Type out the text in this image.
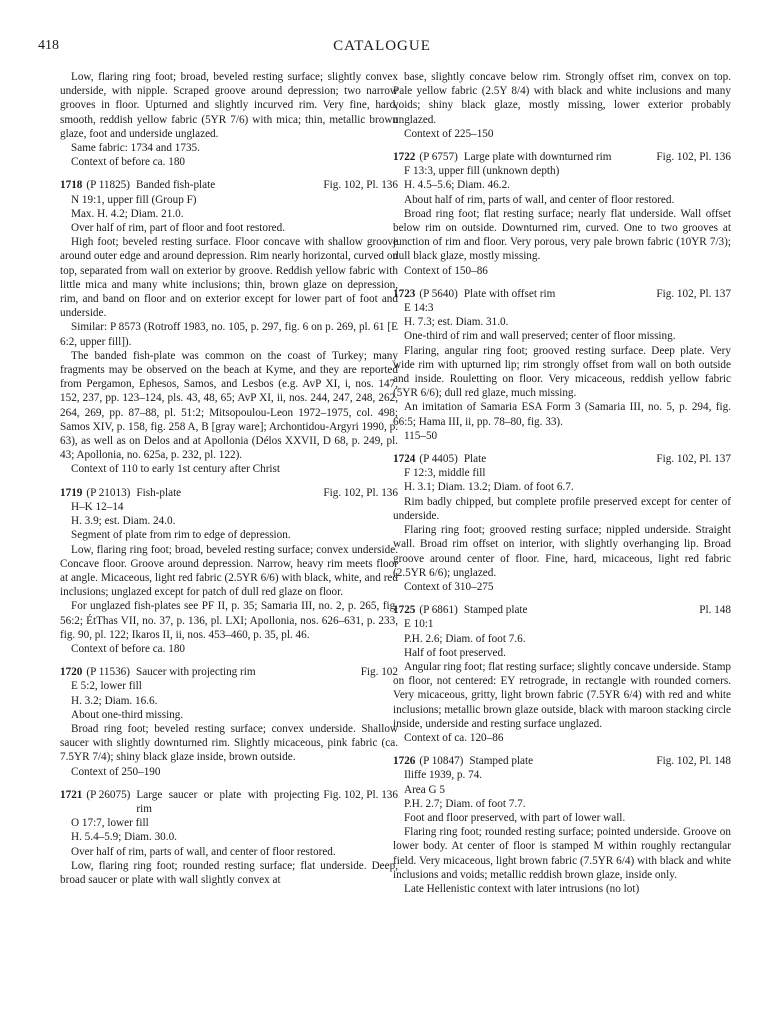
418	CATALOGUE

Low, flaring ring foot; broad, beveled resting surface; slightly convex underside, with nipple. Scraped groove around depression; two narrow grooves in floor. Upturned and slightly incurved rim. Very fine, hard, smooth, reddish yellow fabric (5YR 7/6) with mica; thin, metallic brown glaze, foot and underside unglazed.

Same fabric: 1734 and 1735.

Context of before ca. 180

1718 (P 11825) Banded fish-plate	Fig. 102, Pl. 136

N 19:1, upper fill (Group F)

Max. H. 4.2; Diam. 21.0.

Over half of rim, part of floor and foot restored.

High foot; beveled resting surface. Floor concave with shallow groove around outer edge and around depression. Rim nearly horizontal, curved on top, separated from wall on exterior by groove. Reddish yellow fabric with little mica and many white inclusions; thin, brown glaze on depression, rim, and band on floor and on exterior except for lower part of foot and underside.

Similar: P 8573 (Rotroff 1983, no. 105, p. 297, fig. 6 on p. 269, pl. 61 [E 6:2, upper fill]).

The banded fish-plate was common on the coast of Turkey; many fragments may be observed on the beach at Kyme, and they are reported from Pergamon, Ephesos, Samos, and Lesbos (e.g. AvP XI, i, nos. 147, 152, 237, pp. 123–124, pls. 43, 48, 65; AvP XI, ii, nos. 244, 247, 248, 262, 264, 269, pp. 87–88, pl. 51:2; Mitsopoulou-Leon 1972–1975, col. 498; Samos XIV, p. 158, fig. 258 A, B [gray ware]; Archontidou-Argyri 1990, p. 63), as well as on Delos and at Apollonia (Délos XXVII, D 68, p. 249, pl. 43; Apollonia, no. 625a, p. 232, pl. 122).

Context of 110 to early 1st century after Christ

1719 (P 21013) Fish-plate	Fig. 102, Pl. 136

H–K 12–14

H. 3.9; est. Diam. 24.0.

Segment of plate from rim to edge of depression.

Low, flaring ring foot; broad, beveled resting surface; convex underside. Concave floor. Groove around depression. Narrow, heavy rim meets floor at angle. Micaceous, light red fabric (2.5YR 6/6) with black, white, and red inclusions; unglazed except for patch of dull red glaze on floor.

For unglazed fish-plates see PF II, p. 35; Samaria III, no. 2, p. 265, fig. 56:2; ÉtThas VII, no. 37, p. 136, pl. LXI; Apollonia, nos. 626–631, p. 233, fig. 90, pl. 122; Ikaros II, ii, nos. 453–460, p. 35, pl. 46.

Context of before ca. 180

1720 (P 11536) Saucer with projecting rim	Fig. 102

E 5:2, lower fill

H. 3.2; Diam. 16.6.

About one-third missing.

Broad ring foot; beveled resting surface; convex underside. Shallow saucer with slightly downturned rim. Slightly micaceous, pink fabric (ca. 7.5YR 7/4); shiny black glaze inside, brown outside.

Context of 250–190

1721 (P 26075) Large saucer or plate with projecting rim
Fig. 102, Pl. 136

O 17:7, lower fill

H. 5.4–5.9; Diam. 30.0.

Over half of rim, parts of wall, and center of floor restored.

Low, flaring ring foot; rounded resting surface; flat underside. Deep, broad saucer or plate with wall slightly convex at

base, slightly concave below rim. Strongly offset rim, convex on top. Pale yellow fabric (2.5Y 8/4) with black and white inclusions and many voids; shiny black glaze, mostly missing, lower exterior probably unglazed.

Context of 225–150

1722 (P 6757) Large plate with downturned rim	Fig. 102, Pl. 136

F 13:3, upper fill (unknown depth)

H. 4.5–5.6; Diam. 46.2.

About half of rim, parts of wall, and center of floor restored.

Broad ring foot; flat resting surface; nearly flat underside. Wall offset below rim on outside. Downturned rim, curved. One to two grooves at junction of rim and floor. Very porous, very pale brown fabric (10YR 7/3); dull black glaze, mostly missing.

Context of 150–86

1723 (P 5640) Plate with offset rim	Fig. 102, Pl. 137

E 14:3

H. 7.3; est. Diam. 31.0.

One-third of rim and wall preserved; center of floor missing.

Flaring, angular ring foot; grooved resting surface. Deep plate. Very wide rim with upturned lip; rim strongly offset from wall on both outside and inside. Rouletting on floor. Very micaceous, reddish yellow fabric (5YR 6/6); dull red glaze, much missing.

An imitation of Samaria ESA Form 3 (Samaria III, no. 5, p. 294, fig. 66:5; Hama III, ii, pp. 78–80, fig. 33).

115–50

1724 (P 4405) Plate	Fig. 102, Pl. 137

F 12:3, middle fill

H. 3.1; Diam. 13.2; Diam. of foot 6.7.

Rim badly chipped, but complete profile preserved except for center of underside.

Flaring ring foot; grooved resting surface; nippled underside. Straight wall. Broad rim offset on interior, with slightly overhanging lip. Broad groove around center of floor. Fine, hard, micaceous, light red fabric (2.5YR 6/6); unglazed.

Context of 310–275

1725 (P 6861) Stamped plate	Pl. 148

E 10:1

P.H. 2.6; Diam. of foot 7.6.

Half of foot preserved.

Angular ring foot; flat resting surface; slightly concave underside. Stamp on floor, not centered: ΕΥ retrograde, in rectangle with rounded corners. Very micaceous, gritty, light brown fabric (7.5YR 6/4) with red and white inclusions; metallic brown glaze outside, black with maroon stacking circle inside, underside and resting surface unglazed.

Context of ca. 120–86

1726 (P 10847) Stamped plate	Fig. 102, Pl. 148

Iliffe 1939, p. 74.

Area G 5

P.H. 2.7; Diam. of foot 7.7.

Foot and floor preserved, with part of lower wall.

Flaring ring foot; rounded resting surface; pointed underside. Groove on lower body. At center of floor is stamped M within roughly rectangular field. Very micaceous, light brown fabric (7.5YR 6/4) with black and white inclusions and voids; metallic reddish brown glaze, inside only.

Late Hellenistic context with later intrusions (no lot)
